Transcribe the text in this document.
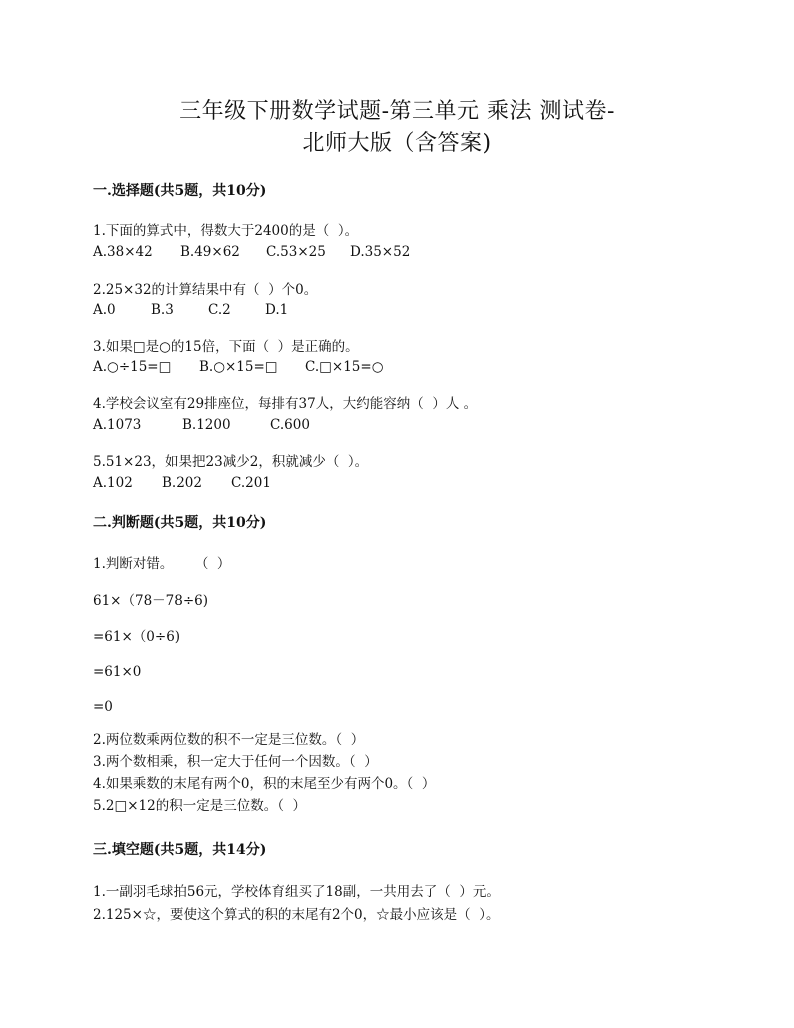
三年级下册数学试题-第三单元 乘法 测试卷-
北师大版（含答案)
一.选择题(共5题，共10分)
1.下面的算式中，得数大于2400的是（  ）。
A.38×42 B.49×62 C.53×25 D.35×52
2.25×32的计算结果中有（  ）个0。
A.0	B.3	C.2	D.1
3.如果□是○的15倍，下面（  ）是正确的。
A.○÷15=□ B.○×15=□ C.□×15=○
4.学校会议室有29排座位，每排有37人，大约能容纳（  ）人 。
A.1073	B.1200	C.600
5.51×23，如果把23减少2，积就减少（  ）。
A.102 B.202 C.201
二.判断题(共5题，共10分)
1.判断对错。     （  ）
61×（78－78÷6)
=61×（0÷6)
=61×0
=0
2.两位数乘两位数的积不一定是三位数。（  ）
3.两个数相乘，积一定大于任何一个因数。（  ）
4.如果乘数的末尾有两个0，积的末尾至少有两个0。（  ）
5.2□×12的积一定是三位数。（  ）
三.填空题(共5题，共14分)
1.一副羽毛球拍56元，学校体育组买了18副，一共用去了（  ）元。
2.125×☆，要使这个算式的积的末尾有2个0，☆最小应该是（  ）。
